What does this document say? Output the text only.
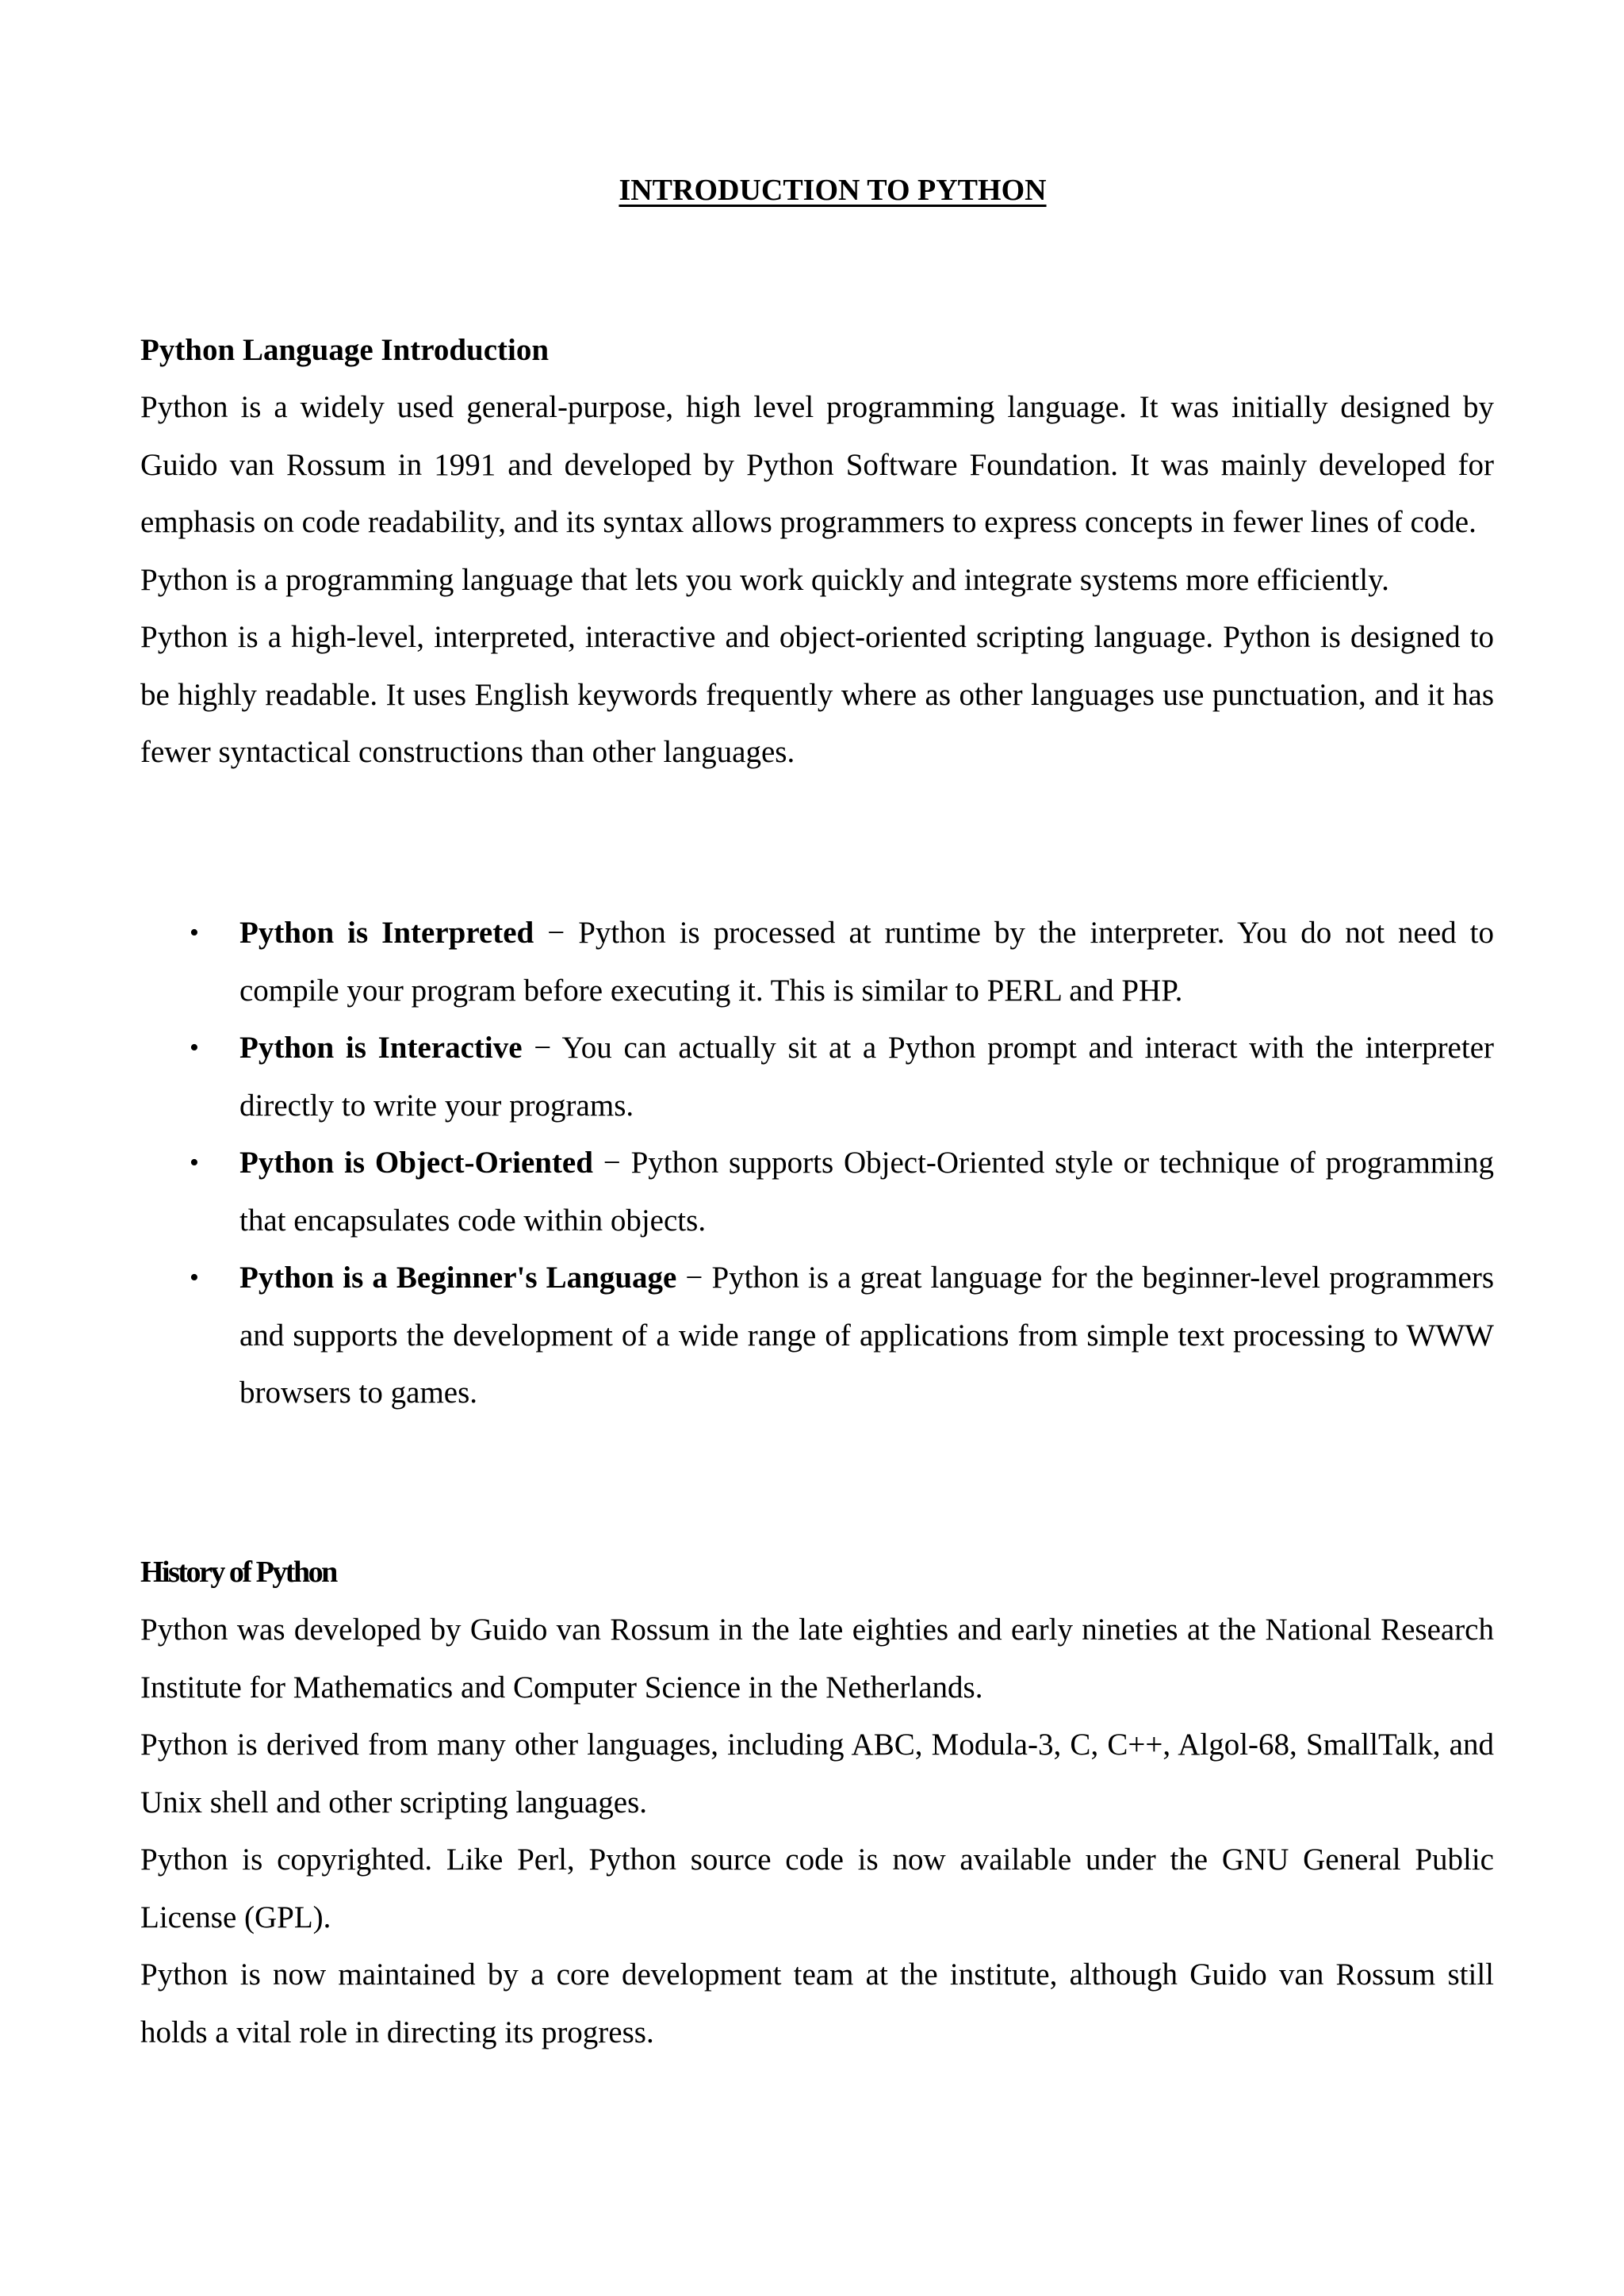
INTRODUCTION TO PYTHON
Python Language Introduction

Python is a widely used general-purpose, high level programming language. It was initially designed by Guido van Rossum in 1991 and developed by Python Software Foundation. It was mainly developed for emphasis on code readability, and its syntax allows programmers to express concepts in fewer lines of code.

Python is a programming language that lets you work quickly and integrate systems more efficiently.

Python is a high-level, interpreted, interactive and object-oriented scripting language. Python is designed to be highly readable. It uses English keywords frequently where as other languages use punctuation, and it has fewer syntactical constructions than other languages.

• Python is Interpreted − Python is processed at runtime by the interpreter. You do not need to compile your program before executing it. This is similar to PERL and PHP.
• Python is Interactive − You can actually sit at a Python prompt and interact with the interpreter directly to write your programs.
• Python is Object-Oriented − Python supports Object-Oriented style or technique of programming that encapsulates code within objects.
• Python is a Beginner's Language − Python is a great language for the beginner-level programmers and supports the development of a wide range of applications from simple text processing to WWW browsers to games.
History of Python

Python was developed by Guido van Rossum in the late eighties and early nineties at the National Research Institute for Mathematics and Computer Science in the Netherlands.

Python is derived from many other languages, including ABC, Modula-3, C, C++, Algol-68, SmallTalk, and Unix shell and other scripting languages.

Python is copyrighted. Like Perl, Python source code is now available under the GNU General Public License (GPL).

Python is now maintained by a core development team at the institute, although Guido van Rossum still holds a vital role in directing its progress.
